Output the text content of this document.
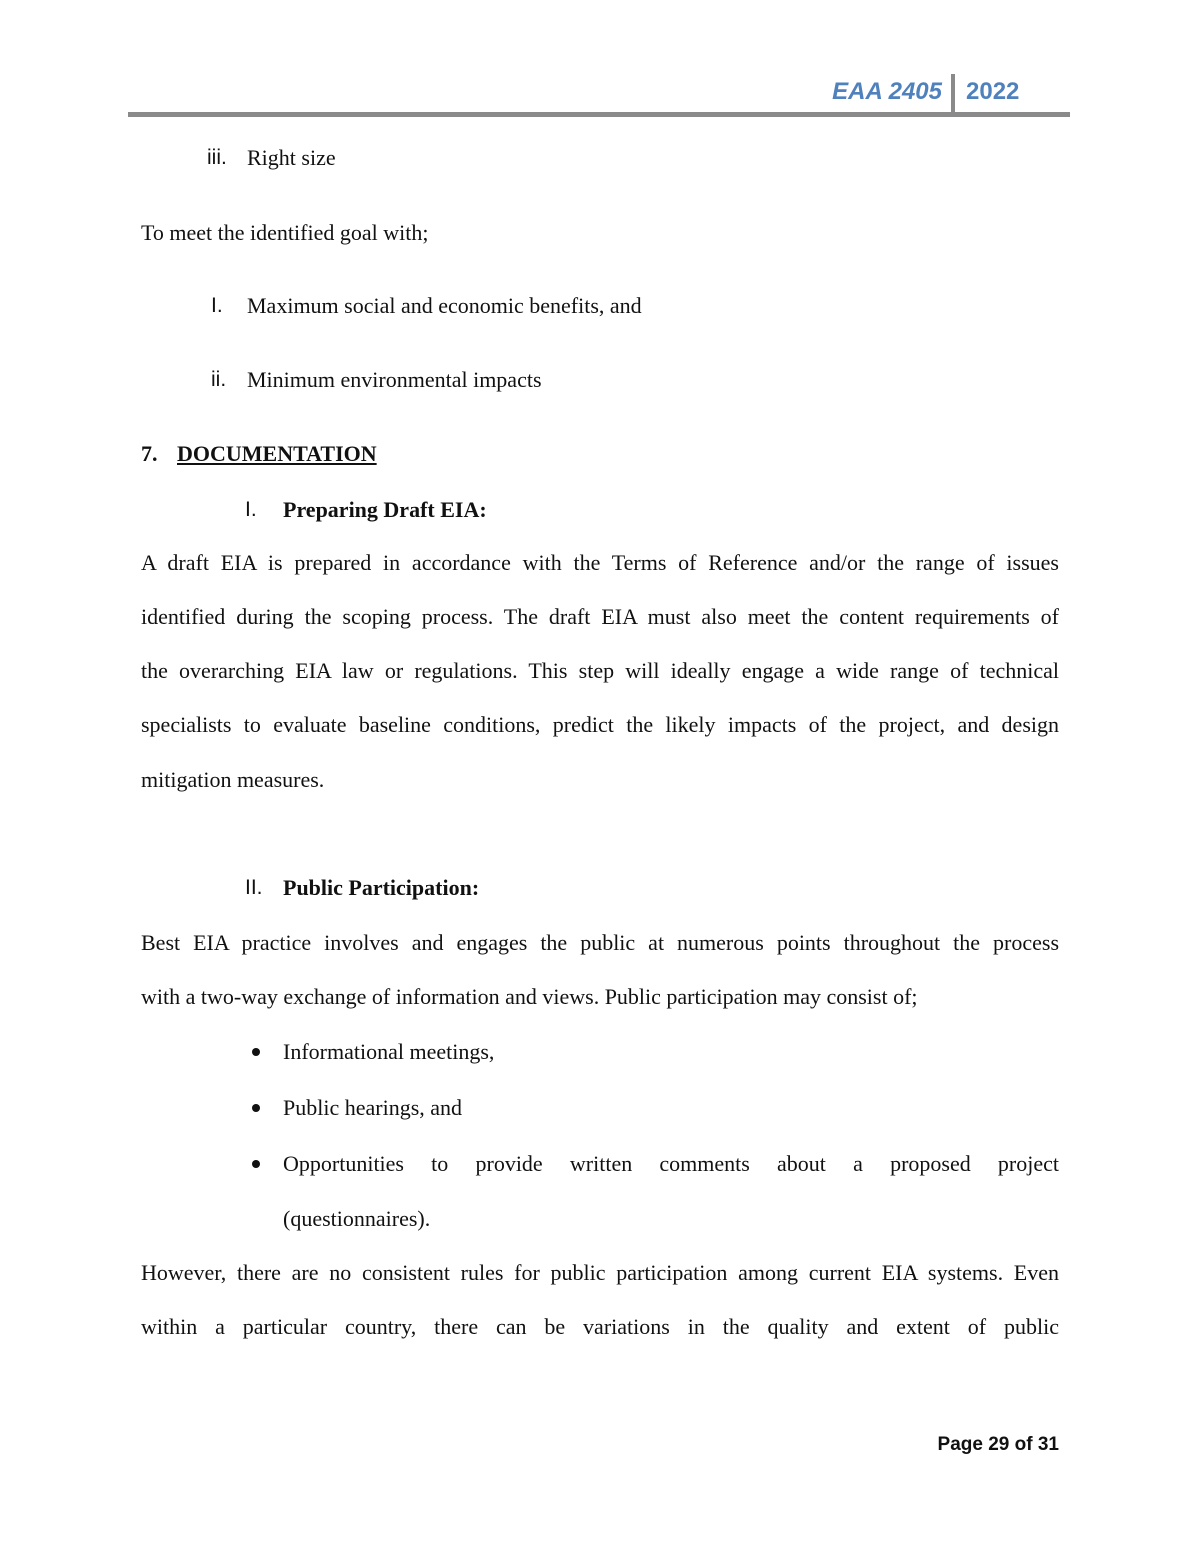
EAA 2405 2022
iii. Right size
To meet the identified goal with;
I. Maximum social and economic benefits, and
ii. Minimum environmental impacts
7. DOCUMENTATION
I. Preparing Draft EIA:
A draft EIA is prepared in accordance with the Terms of Reference and/or the range of issues
identified during the scoping process. The draft EIA must also meet the content requirements of
the overarching EIA law or regulations. This step will ideally engage a wide range of technical
specialists to evaluate baseline conditions, predict the likely impacts of the project, and design
mitigation measures.
II. Public Participation:
Best EIA practice involves and engages the public at numerous points throughout the process
with a two-way exchange of information and views. Public participation may consist of;
Informational meetings,
Public hearings, and
Opportunities to provide written comments about a proposed project
(questionnaires).
However, there are no consistent rules for public participation among current EIA systems. Even
within a particular country, there can be variations in the quality and extent of public
Page 29 of 31
